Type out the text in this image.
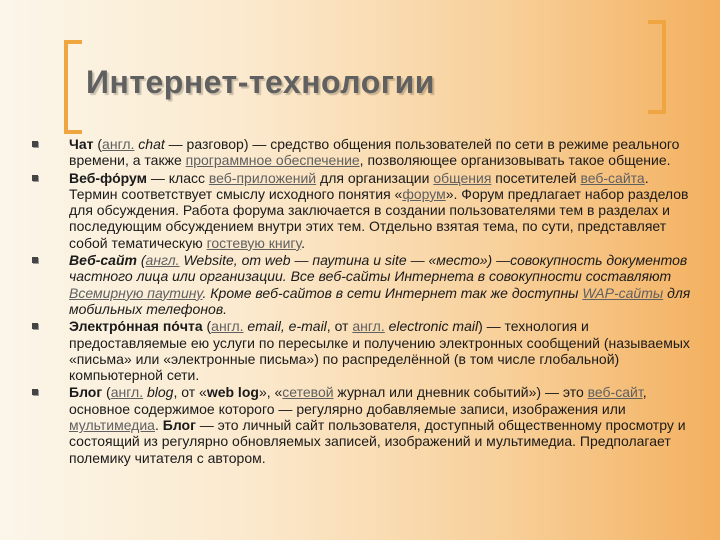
Интернет-технологии

Чат (англ. chat — разговор) — средство общения пользователей по сети в режиме реального времени, а также программное обеспечение, позволяющее организовывать такое общение.

Веб-фо́рум — класс веб-приложений для организации общения посетителей веб-сайта. Термин соответствует смыслу исходного понятия «форум». Форум предлагает набор разделов для обсуждения. Работа форума заключается в создании пользователями тем в разделах и последующим обсуждением внутри этих тем. Отдельно взятая тема, по сути, представляет собой тематическую гостевую книгу.

Веб-сайт (англ. Website, от web — паутина и site — «место») —совокупность документов частного лица или организации. Все веб-сайты Интернета в совокупности составляют Всемирную паутину. Кроме веб-сайтов в сети Интернет так же доступны WAP-сайты для мобильных телефонов.

Электро́нная по́чта (англ. email, e-mail, от англ. electronic mail) — технология и предоставляемые ею услуги по пересылке и получению электронных сообщений (называемых «письма» или «электронные письма») по распределённой (в том числе глобальной) компьютерной сети.

Блог (англ. blog, от «web log», «сетевой журнал или дневник событий») — это веб-сайт, основное содержимое которого — регулярно добавляемые записи, изображения или мультимедиа. Блог — это личный сайт пользователя, доступный общественному просмотру и состоящий из регулярно обновляемых записей, изображений и мультимедиа. Предполагает полемику читателя с автором.
